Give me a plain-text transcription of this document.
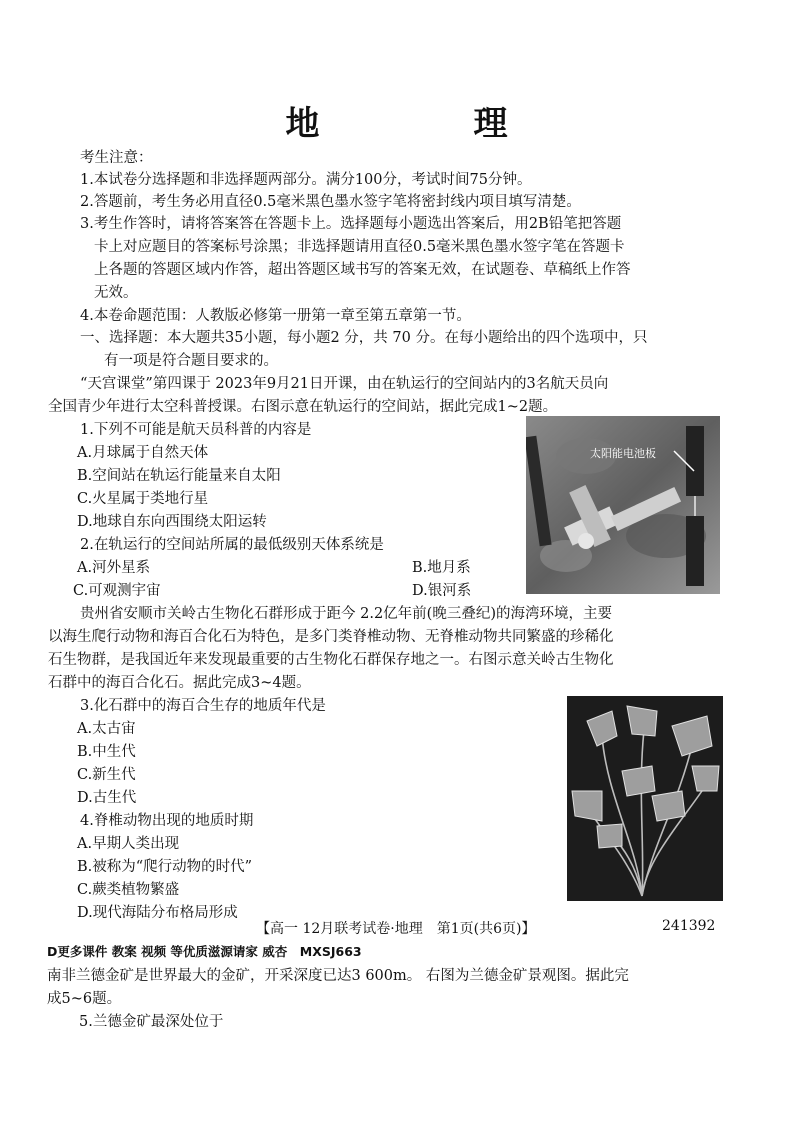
地　理
考生注意：
1.本试卷分选择题和非选择题两部分。满分100分，考试时间75分钟。
2.答题前，考生务必用直径0.5毫米黑色墨水签字笔将密封线内项目填写清楚。
3.考生作答时，请将答案答在答题卡上。选择题每小题选出答案后，用2B铅笔把答题
卡上对应题目的答案标号涂黑；非选择题请用直径0.5毫米黑色墨水签字笔在答题卡
上各题的答题区域内作答，超出答题区域书写的答案无效，在试题卷、草稿纸上作答
无效。
4.本卷命题范围：人教版必修第一册第一章至第五章第一节。
一、选择题：本大题共35小题，每小题2 分，共 70 分。在每小题给出的四个选项中，只
有一项是符合题目要求的。
“天宫课堂”第四课于 2023年9月21日开课，由在轨运行的空间站内的3名航天员向
全国青少年进行太空科普授课。右图示意在轨运行的空间站，据此完成1~2题。
1.下列不可能是航天员科普的内容是
A.月球属于自然天体
B.空间站在轨运行能量来自太阳
C.火星属于类地行星
D.地球自东向西围绕太阳运转
2.在轨运行的空间站所属的最低级别天体系统是
A.河外星系	B.地月系
C.可观测宇宙	D.银河系
太阳能电池板
贵州省安顺市关岭古生物化石群形成于距今 2.2亿年前(晚三叠纪)的海湾环境，主要
以海生爬行动物和海百合化石为特色，是多门类脊椎动物、无脊椎动物共同繁盛的珍稀化
石生物群，是我国近年来发现最重要的古生物化石群保存地之一。右图示意关岭古生物化
石群中的海百合化石。据此完成3~4题。
3.化石群中的海百合生存的地质年代是
A.太古宙
B.中生代
C.新生代
D.古生代
4.脊椎动物出现的地质时期
A.早期人类出现
B.被称为“爬行动物的时代”
C.蕨类植物繁盛
D.现代海陆分布格局形成
【高一 12月联考试卷·地理　第1页(共6页)】	241392
D更多课件 教案 视频 等优质滋源请家 威杏　MXSJ663
南非兰德金矿是世界最大的金矿，开采深度已达3 600m。 右图为兰德金矿景观图。据此完
成5~6题。
5.兰德金矿最深处位于
